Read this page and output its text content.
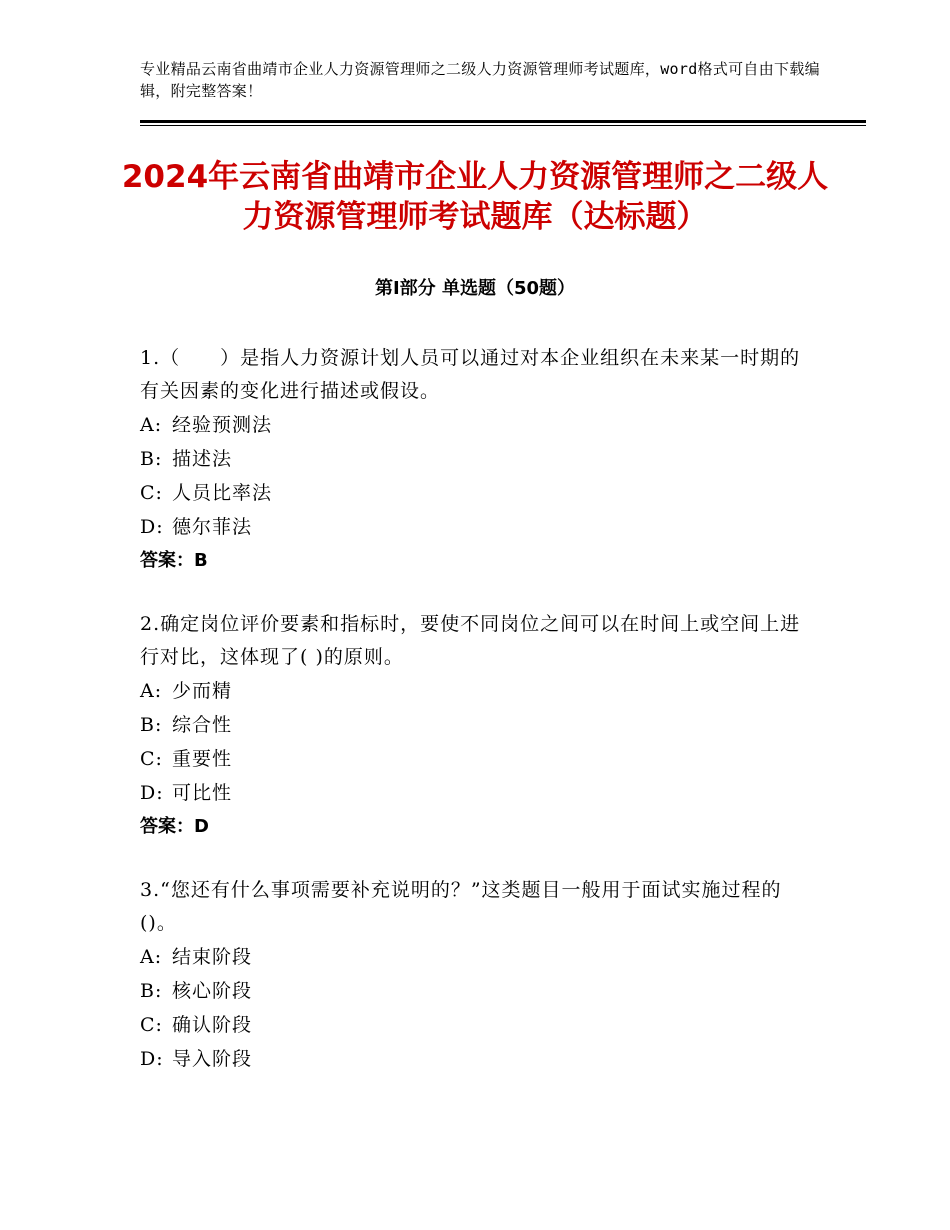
专业精品云南省曲靖市企业人力资源管理师之二级人力资源管理师考试题库，word格式可自由下载编辑，附完整答案！
2024年云南省曲靖市企业人力资源管理师之二级人力资源管理师考试题库（达标题）
第Ⅰ部分 单选题（50题）
1.（　　）是指人力资源计划人员可以通过对本企业组织在未来某一时期的有关因素的变化进行描述或假设。
A: 经验预测法
B: 描述法
C: 人员比率法
D: 德尔菲法
答案：B
2.确定岗位评价要素和指标时，要使不同岗位之间可以在时间上或空间上进行对比，这体现了( )的原则。
A: 少而精
B: 综合性
C: 重要性
D: 可比性
答案：D
3.“您还有什么事项需要补充说明的？”这类题目一般用于面试实施过程的()。
A: 结束阶段
B: 核心阶段
C: 确认阶段
D: 导入阶段
